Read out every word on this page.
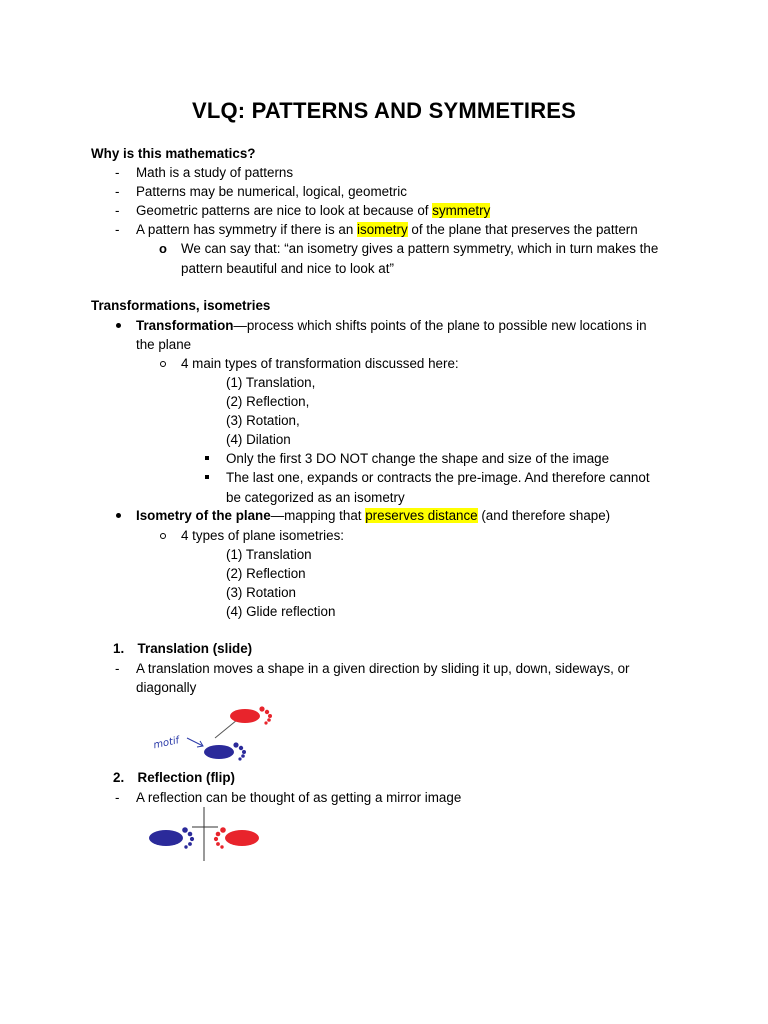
VLQ: PATTERNS AND SYMMETIRES
Why is this mathematics?
- Math is a study of patterns
- Patterns may be numerical, logical, geometric
- Geometric patterns are nice to look at because of symmetry
- A pattern has symmetry if there is an isometry of the plane that preserves the pattern
o We can say that: “an isometry gives a pattern symmetry, which in turn makes the
pattern beautiful and nice to look at”
Transformations, isometries
Transformation—process which shifts points of the plane to possible new locations in
the plane
4 main types of transformation discussed here:
(1) Translation,
(2) Reflection,
(3) Rotation,
(4) Dilation
Only the first 3 DO NOT change the shape and size of the image
The last one, expands or contracts the pre-image. And therefore cannot
be categorized as an isometry
Isometry of the plane—mapping that preserves distance (and therefore shape)
4 types of plane isometries:
(1) Translation
(2) Reflection
(3) Rotation
(4) Glide reflection
1. Translation (slide)
- A translation moves a shape in a given direction by sliding it up, down, sideways, or
diagonally
motif
2. Reflection (flip)
- A reflection can be thought of as getting a mirror image
